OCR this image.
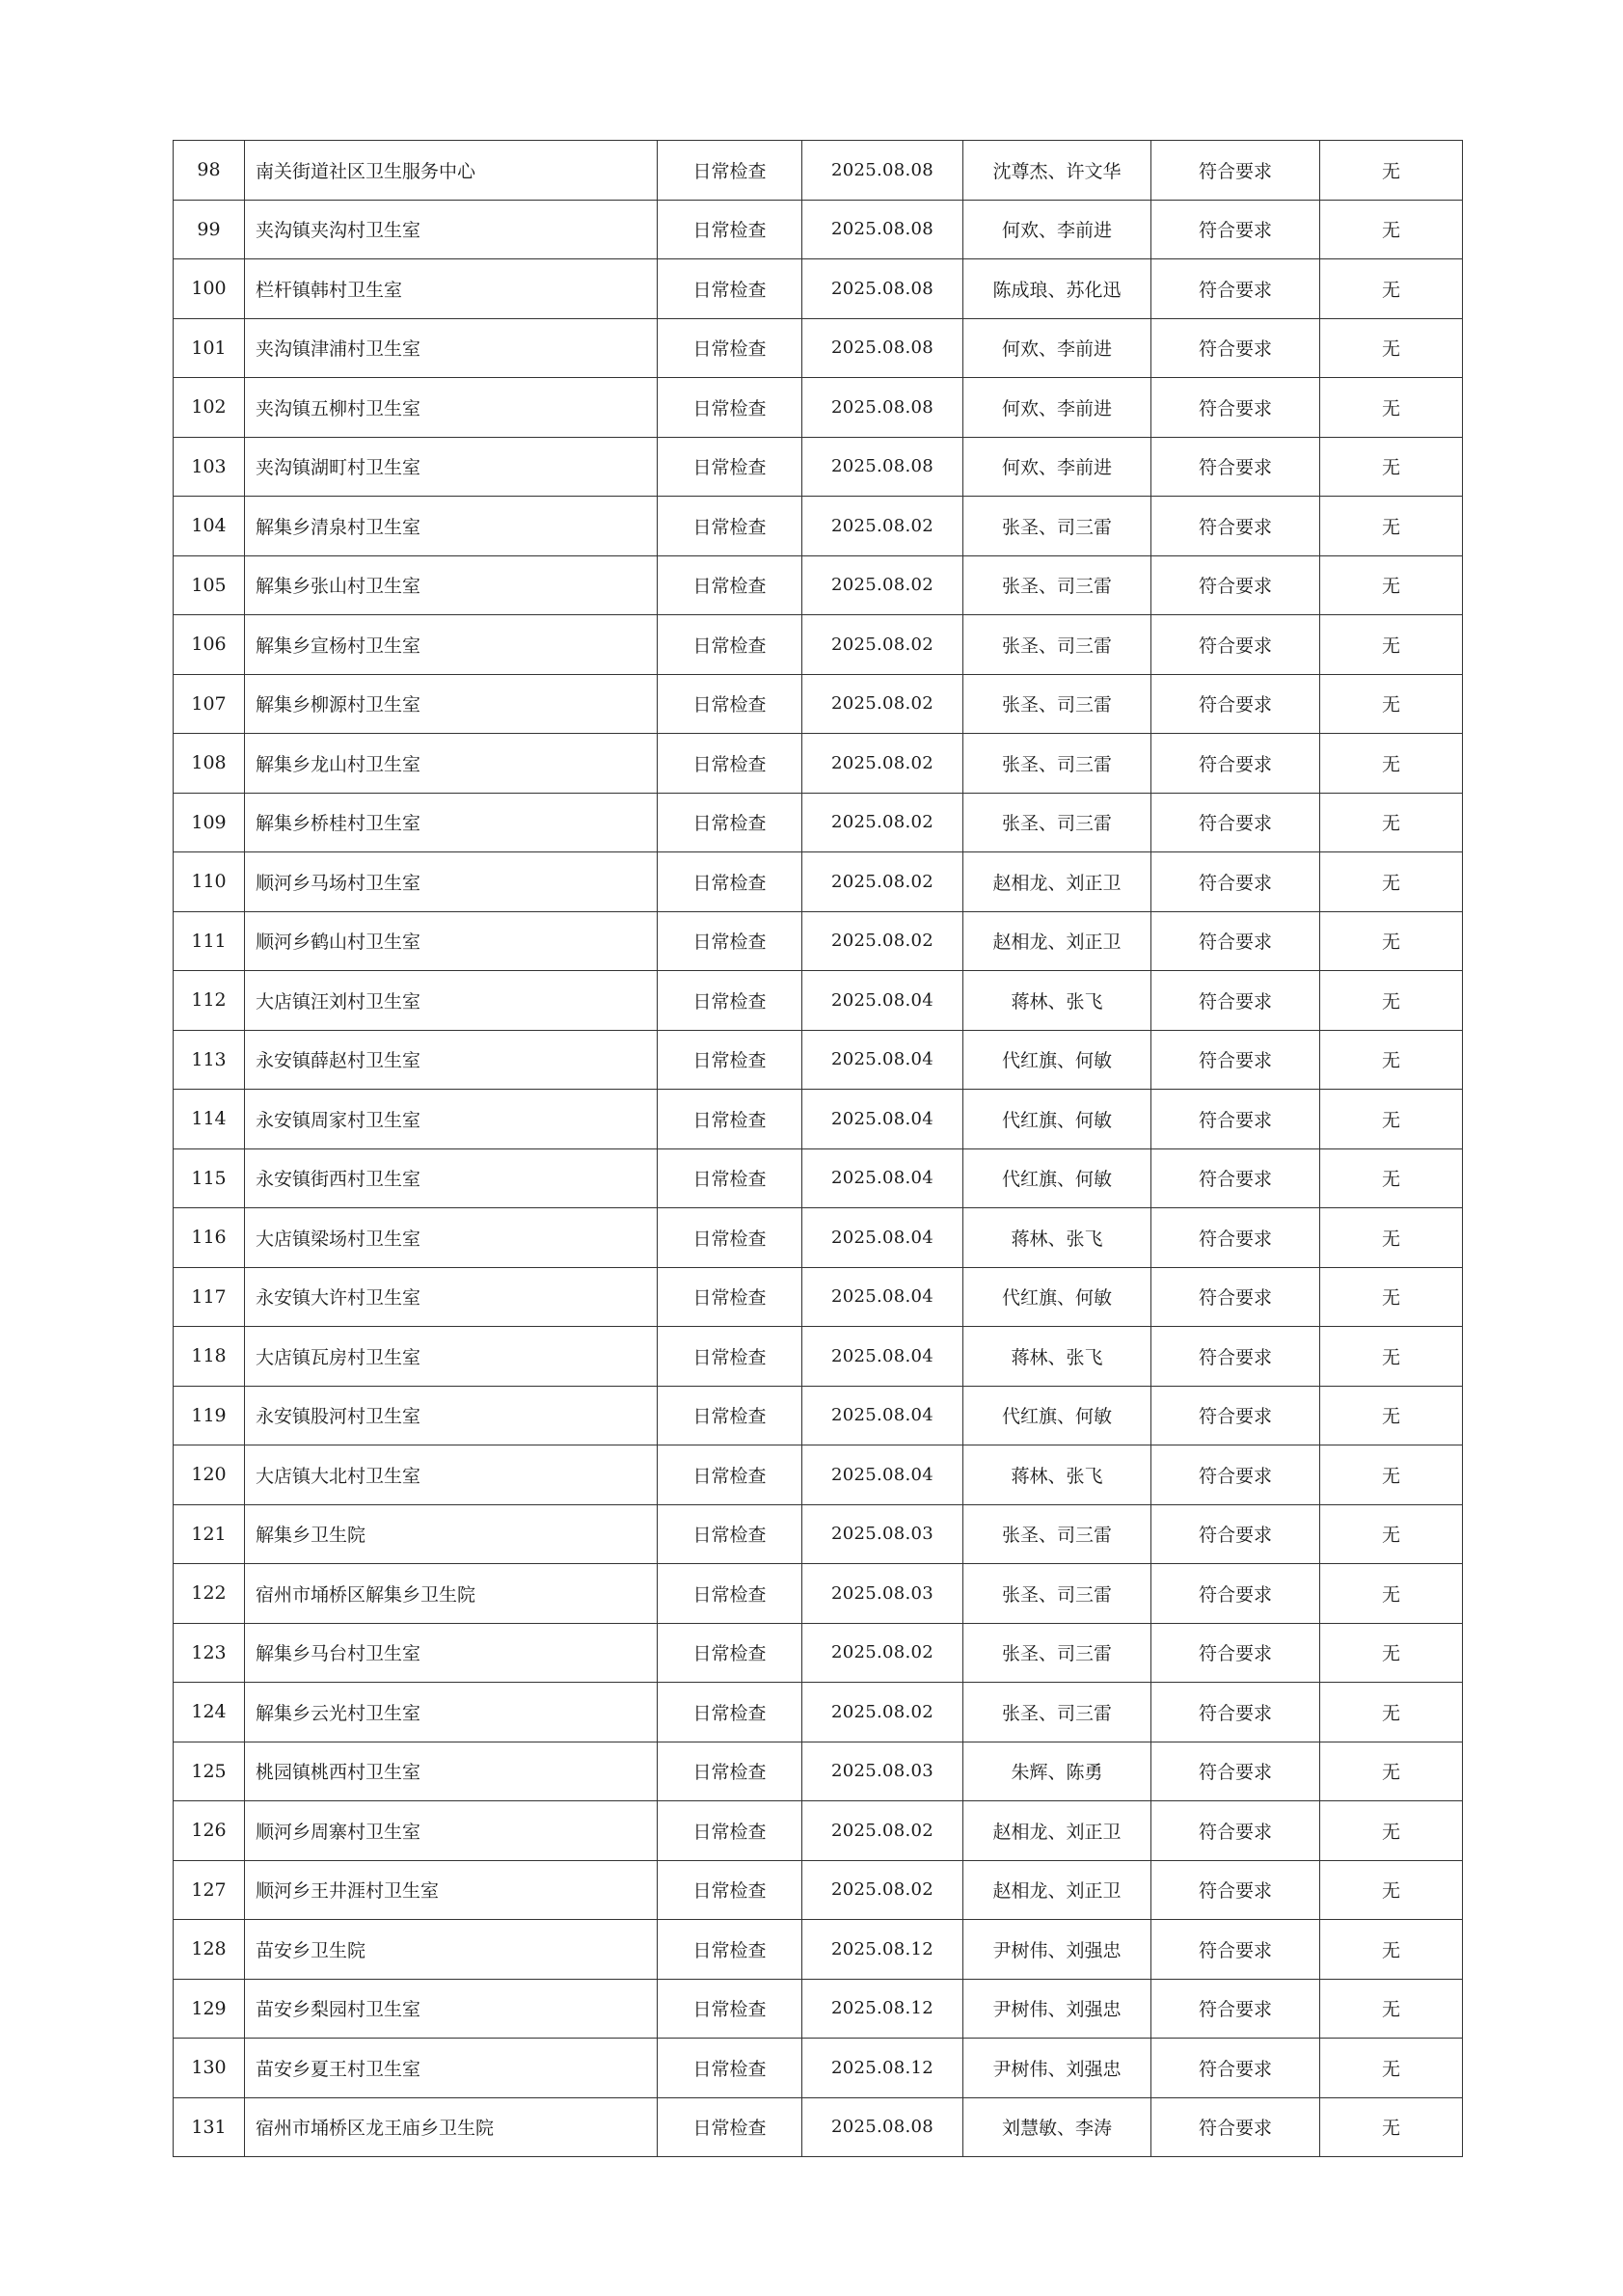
98	南关街道社区卫生服务中心	日常检查	2025.08.08	沈尊杰、许文华	符合要求	无
99	夹沟镇夹沟村卫生室	日常检查	2025.08.08	何欢、李前进	符合要求	无
100	栏杆镇韩村卫生室	日常检查	2025.08.08	陈成琅、苏化迅	符合要求	无
101	夹沟镇津浦村卫生室	日常检查	2025.08.08	何欢、李前进	符合要求	无
102	夹沟镇五柳村卫生室	日常检查	2025.08.08	何欢、李前进	符合要求	无
103	夹沟镇湖町村卫生室	日常检查	2025.08.08	何欢、李前进	符合要求	无
104	解集乡清泉村卫生室	日常检查	2025.08.02	张圣、司三雷	符合要求	无
105	解集乡张山村卫生室	日常检查	2025.08.02	张圣、司三雷	符合要求	无
106	解集乡宣杨村卫生室	日常检查	2025.08.02	张圣、司三雷	符合要求	无
107	解集乡柳源村卫生室	日常检查	2025.08.02	张圣、司三雷	符合要求	无
108	解集乡龙山村卫生室	日常检查	2025.08.02	张圣、司三雷	符合要求	无
109	解集乡桥桂村卫生室	日常检查	2025.08.02	张圣、司三雷	符合要求	无
110	顺河乡马场村卫生室	日常检查	2025.08.02	赵相龙、刘正卫	符合要求	无
111	顺河乡鹤山村卫生室	日常检查	2025.08.02	赵相龙、刘正卫	符合要求	无
112	大店镇汪刘村卫生室	日常检查	2025.08.04	蒋林、张飞	符合要求	无
113	永安镇薛赵村卫生室	日常检查	2025.08.04	代红旗、何敏	符合要求	无
114	永安镇周家村卫生室	日常检查	2025.08.04	代红旗、何敏	符合要求	无
115	永安镇街西村卫生室	日常检查	2025.08.04	代红旗、何敏	符合要求	无
116	大店镇梁场村卫生室	日常检查	2025.08.04	蒋林、张飞	符合要求	无
117	永安镇大许村卫生室	日常检查	2025.08.04	代红旗、何敏	符合要求	无
118	大店镇瓦房村卫生室	日常检查	2025.08.04	蒋林、张飞	符合要求	无
119	永安镇股河村卫生室	日常检查	2025.08.04	代红旗、何敏	符合要求	无
120	大店镇大北村卫生室	日常检查	2025.08.04	蒋林、张飞	符合要求	无
121	解集乡卫生院	日常检查	2025.08.03	张圣、司三雷	符合要求	无
122	宿州市埇桥区解集乡卫生院	日常检查	2025.08.03	张圣、司三雷	符合要求	无
123	解集乡马台村卫生室	日常检查	2025.08.02	张圣、司三雷	符合要求	无
124	解集乡云光村卫生室	日常检查	2025.08.02	张圣、司三雷	符合要求	无
125	桃园镇桃西村卫生室	日常检查	2025.08.03	朱辉、陈勇	符合要求	无
126	顺河乡周寨村卫生室	日常检查	2025.08.02	赵相龙、刘正卫	符合要求	无
127	顺河乡王井涯村卫生室	日常检查	2025.08.02	赵相龙、刘正卫	符合要求	无
128	苗安乡卫生院	日常检查	2025.08.12	尹树伟、刘强忠	符合要求	无
129	苗安乡梨园村卫生室	日常检查	2025.08.12	尹树伟、刘强忠	符合要求	无
130	苗安乡夏王村卫生室	日常检查	2025.08.12	尹树伟、刘强忠	符合要求	无
131	宿州市埇桥区龙王庙乡卫生院	日常检查	2025.08.08	刘慧敏、李涛	符合要求	无
